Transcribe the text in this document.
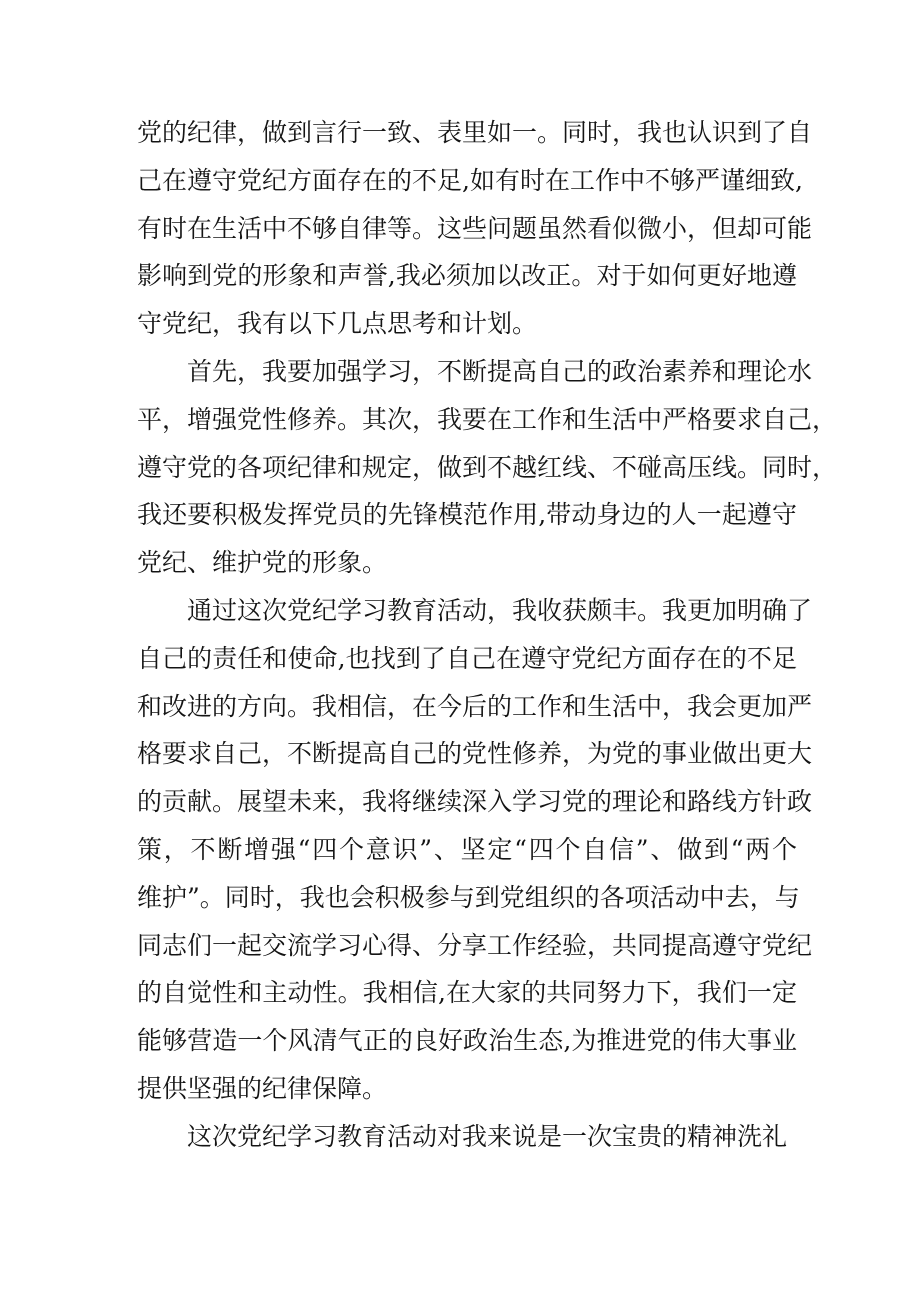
党的纪律，做到言行一致、表里如一。同时，我也认识到了自
己在遵守党纪方面存在的不足,如有时在工作中不够严谨细致,
有时在生活中不够自律等。这些问题虽然看似微小，但却可能
影响到党的形象和声誉,我必须加以改正。对于如何更好地遵
守党纪，我有以下几点思考和计划。
首先，我要加强学习，不断提高自己的政治素养和理论水
平，增强党性修养。其次，我要在工作和生活中严格要求自己，
遵守党的各项纪律和规定，做到不越红线、不碰高压线。同时，
我还要积极发挥党员的先锋模范作用,带动身边的人一起遵守
党纪、维护党的形象。
通过这次党纪学习教育活动，我收获颇丰。我更加明确了
自己的责任和使命,也找到了自己在遵守党纪方面存在的不足
和改进的方向。我相信，在今后的工作和生活中，我会更加严
格要求自己，不断提高自己的党性修养，为党的事业做出更大
的贡献。展望未来，我将继续深入学习党的理论和路线方针政
策，不断增强“四个意识”、坚定“四个自信”、做到“两个
维护”。同时，我也会积极参与到党组织的各项活动中去，与
同志们一起交流学习心得、分享工作经验，共同提高遵守党纪
的自觉性和主动性。我相信,在大家的共同努力下，我们一定
能够营造一个风清气正的良好政治生态,为推进党的伟大事业
提供坚强的纪律保障。
这次党纪学习教育活动对我来说是一次宝贵的精神洗礼
